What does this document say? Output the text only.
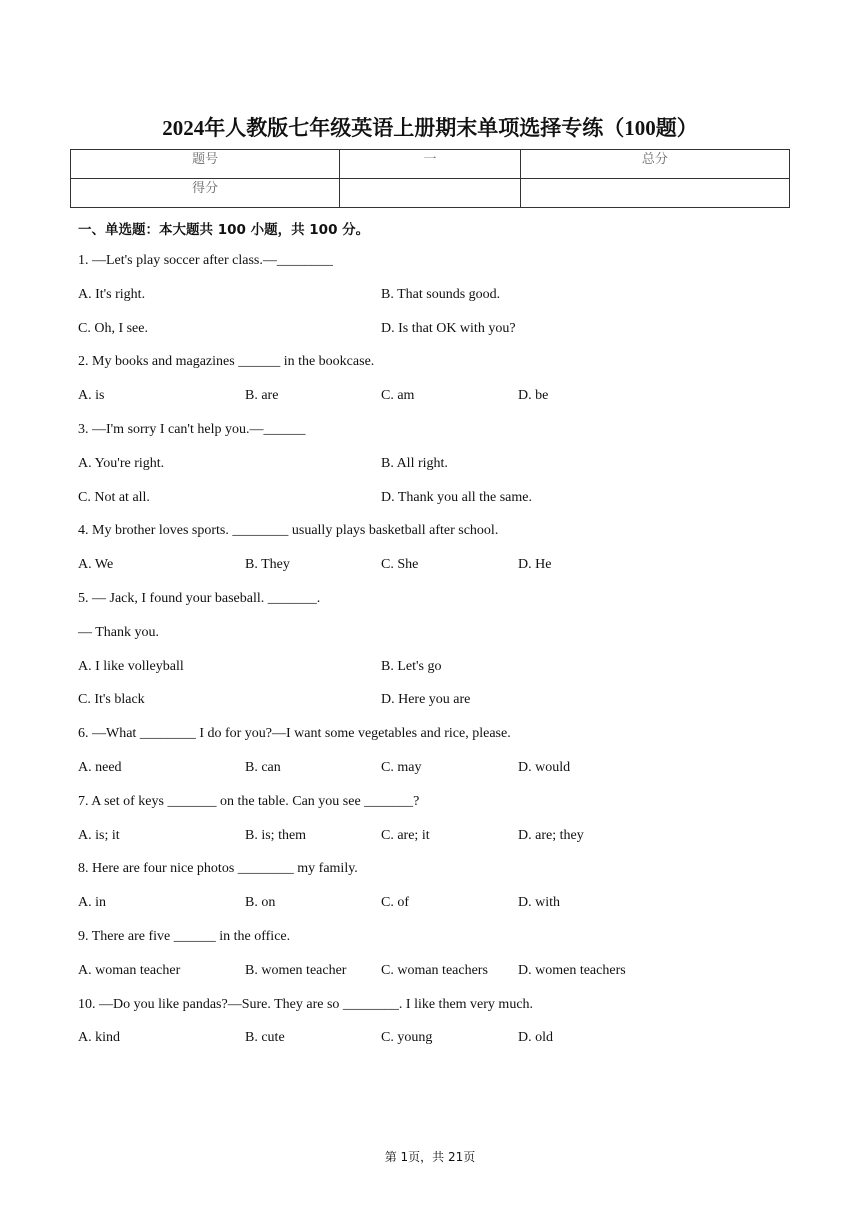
2024年人教版七年级英语上册期末单项选择专练（100题）
题号	一	总分
得分		

一、单选题：本大题共 100 小题，共 100 分。

1. —Let's play soccer after class.—________

A. It's right.	B. That sounds good.

C. Oh, I see.	D. Is that OK with you?

2. My books and magazines ______ in the bookcase.

A. is	B. are	C. am	D. be

3. —I'm sorry I can't help you.—______

A. You're right.	B. All right.

C. Not at all.	D. Thank you all the same.

4. My brother loves sports. ________ usually plays basketball after school.

A. We	B. They	C. She	D. He

5. — Jack, I found your baseball. _______.

— Thank you.

A. I like volleyball	B. Let's go

C. It's black	D. Here you are

6. —What ________ I do for you?—I want some vegetables and rice, please.

A. need	B. can	C. may	D. would

7. A set of keys _______ on the table. Can you see _______?

A. is; it	B. is; them	C. are; it	D. are; they

8. Here are four nice photos ________ my family.

A. in	B. on	C. of	D. with

9. There are five ______ in the office.

A. woman teacher	B. women teacher C. woman teachers D. women teachers

10. —Do you like pandas?—Sure. They are so ________. I like them very much.

A. kind	B. cute	C. young	D. old

第 1页，共 21页
